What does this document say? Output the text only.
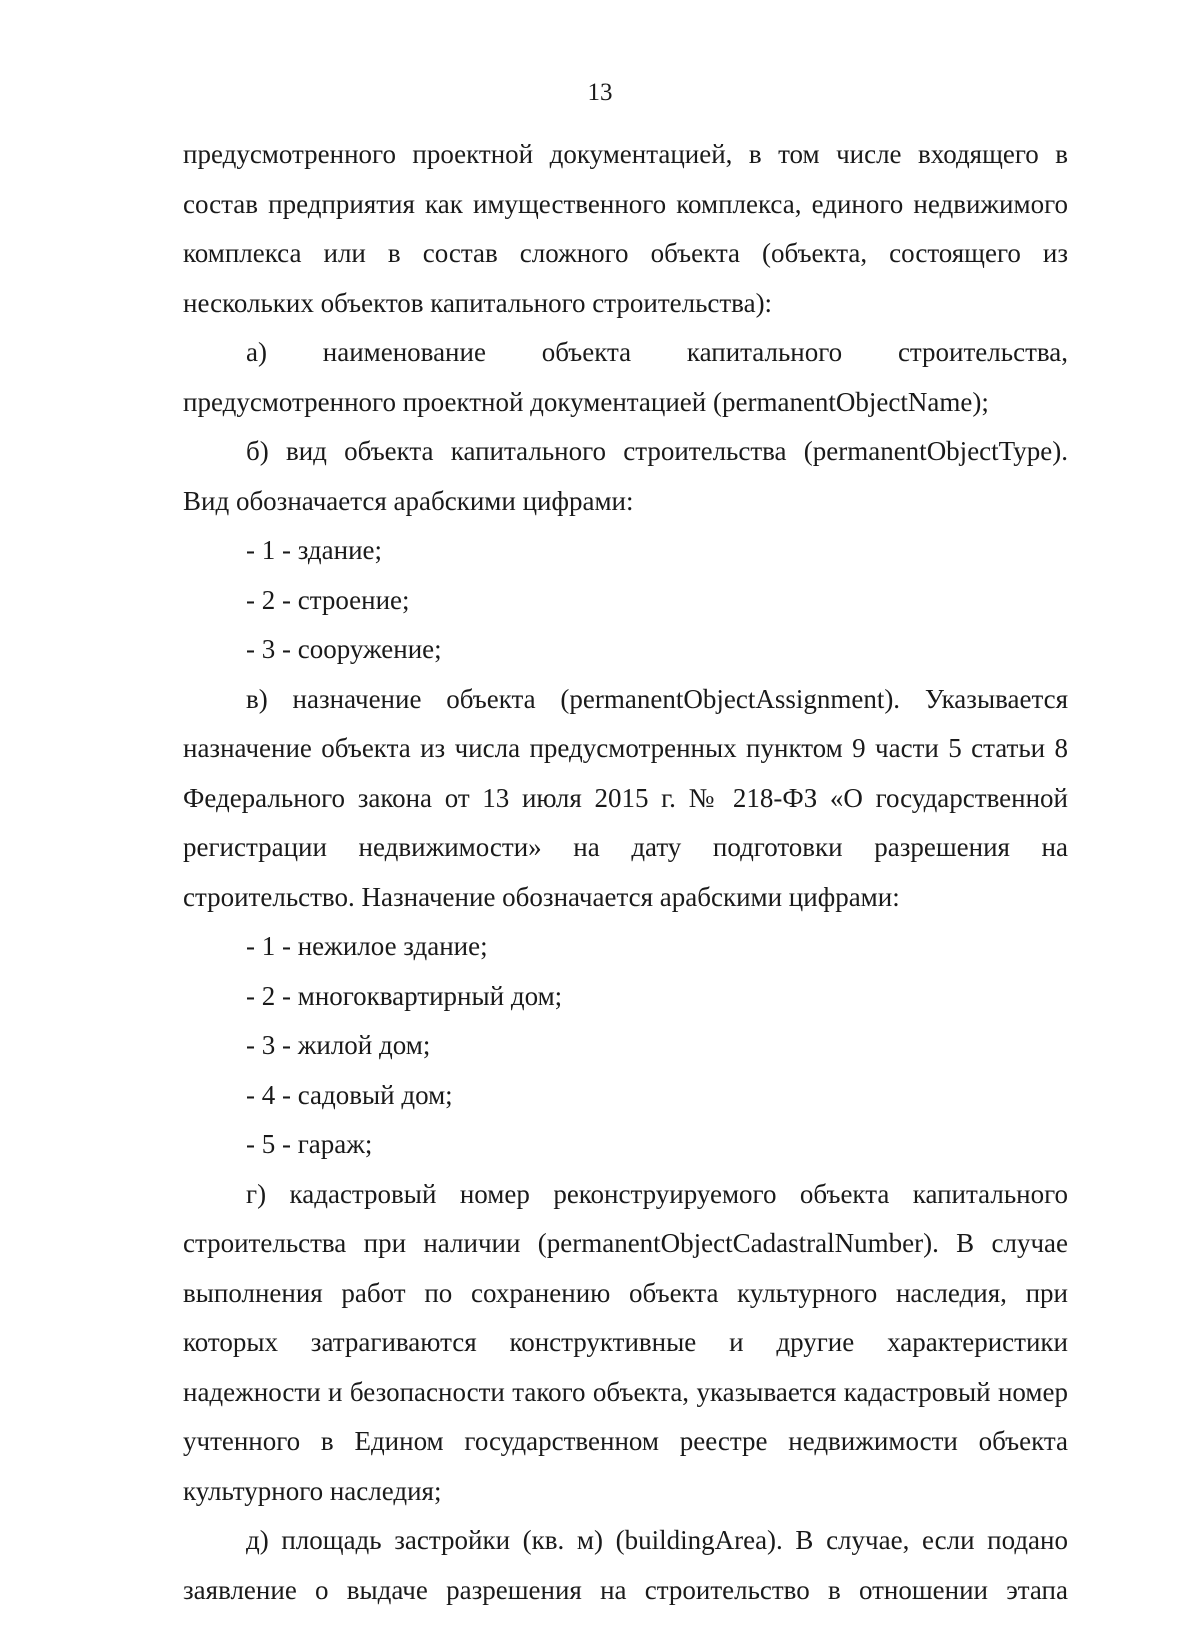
13

предусмотренного проектной документацией, в том числе входящего в состав предприятия как имущественного комплекса, единого недвижимого комплекса или в состав сложного объекта (объекта, состоящего из нескольких объектов капитального строительства):

а) наименование объекта капитального строительства, предусмотренного проектной документацией (permanentObjectName);

б) вид объекта капитального строительства (permanentObjectType). Вид обозначается арабскими цифрами:

- 1 - здание;

- 2 - строение;

- 3 - сооружение;

в) назначение объекта (permanentObjectAssignment). Указывается назначение объекта из числа предусмотренных пунктом 9 части 5 статьи 8 Федерального закона от 13 июля 2015 г. № 218-ФЗ «О государственной регистрации недвижимости» на дату подготовки разрешения на строительство. Назначение обозначается арабскими цифрами:

- 1 - нежилое здание;

- 2 - многоквартирный дом;

- 3 - жилой дом;

- 4 - садовый дом;

- 5 - гараж;

г) кадастровый номер реконструируемого объекта капитального строительства при наличии (permanentObjectCadastralNumber). В случае выполнения работ по сохранению объекта культурного наследия, при которых затрагиваются конструктивные и другие характеристики надежности и безопасности такого объекта, указывается кадастровый номер учтенного в Едином государственном реестре недвижимости объекта культурного наследия;

д) площадь застройки (кв. м) (buildingArea). В случае, если подано заявление о выдаче разрешения на строительство в отношении этапа
